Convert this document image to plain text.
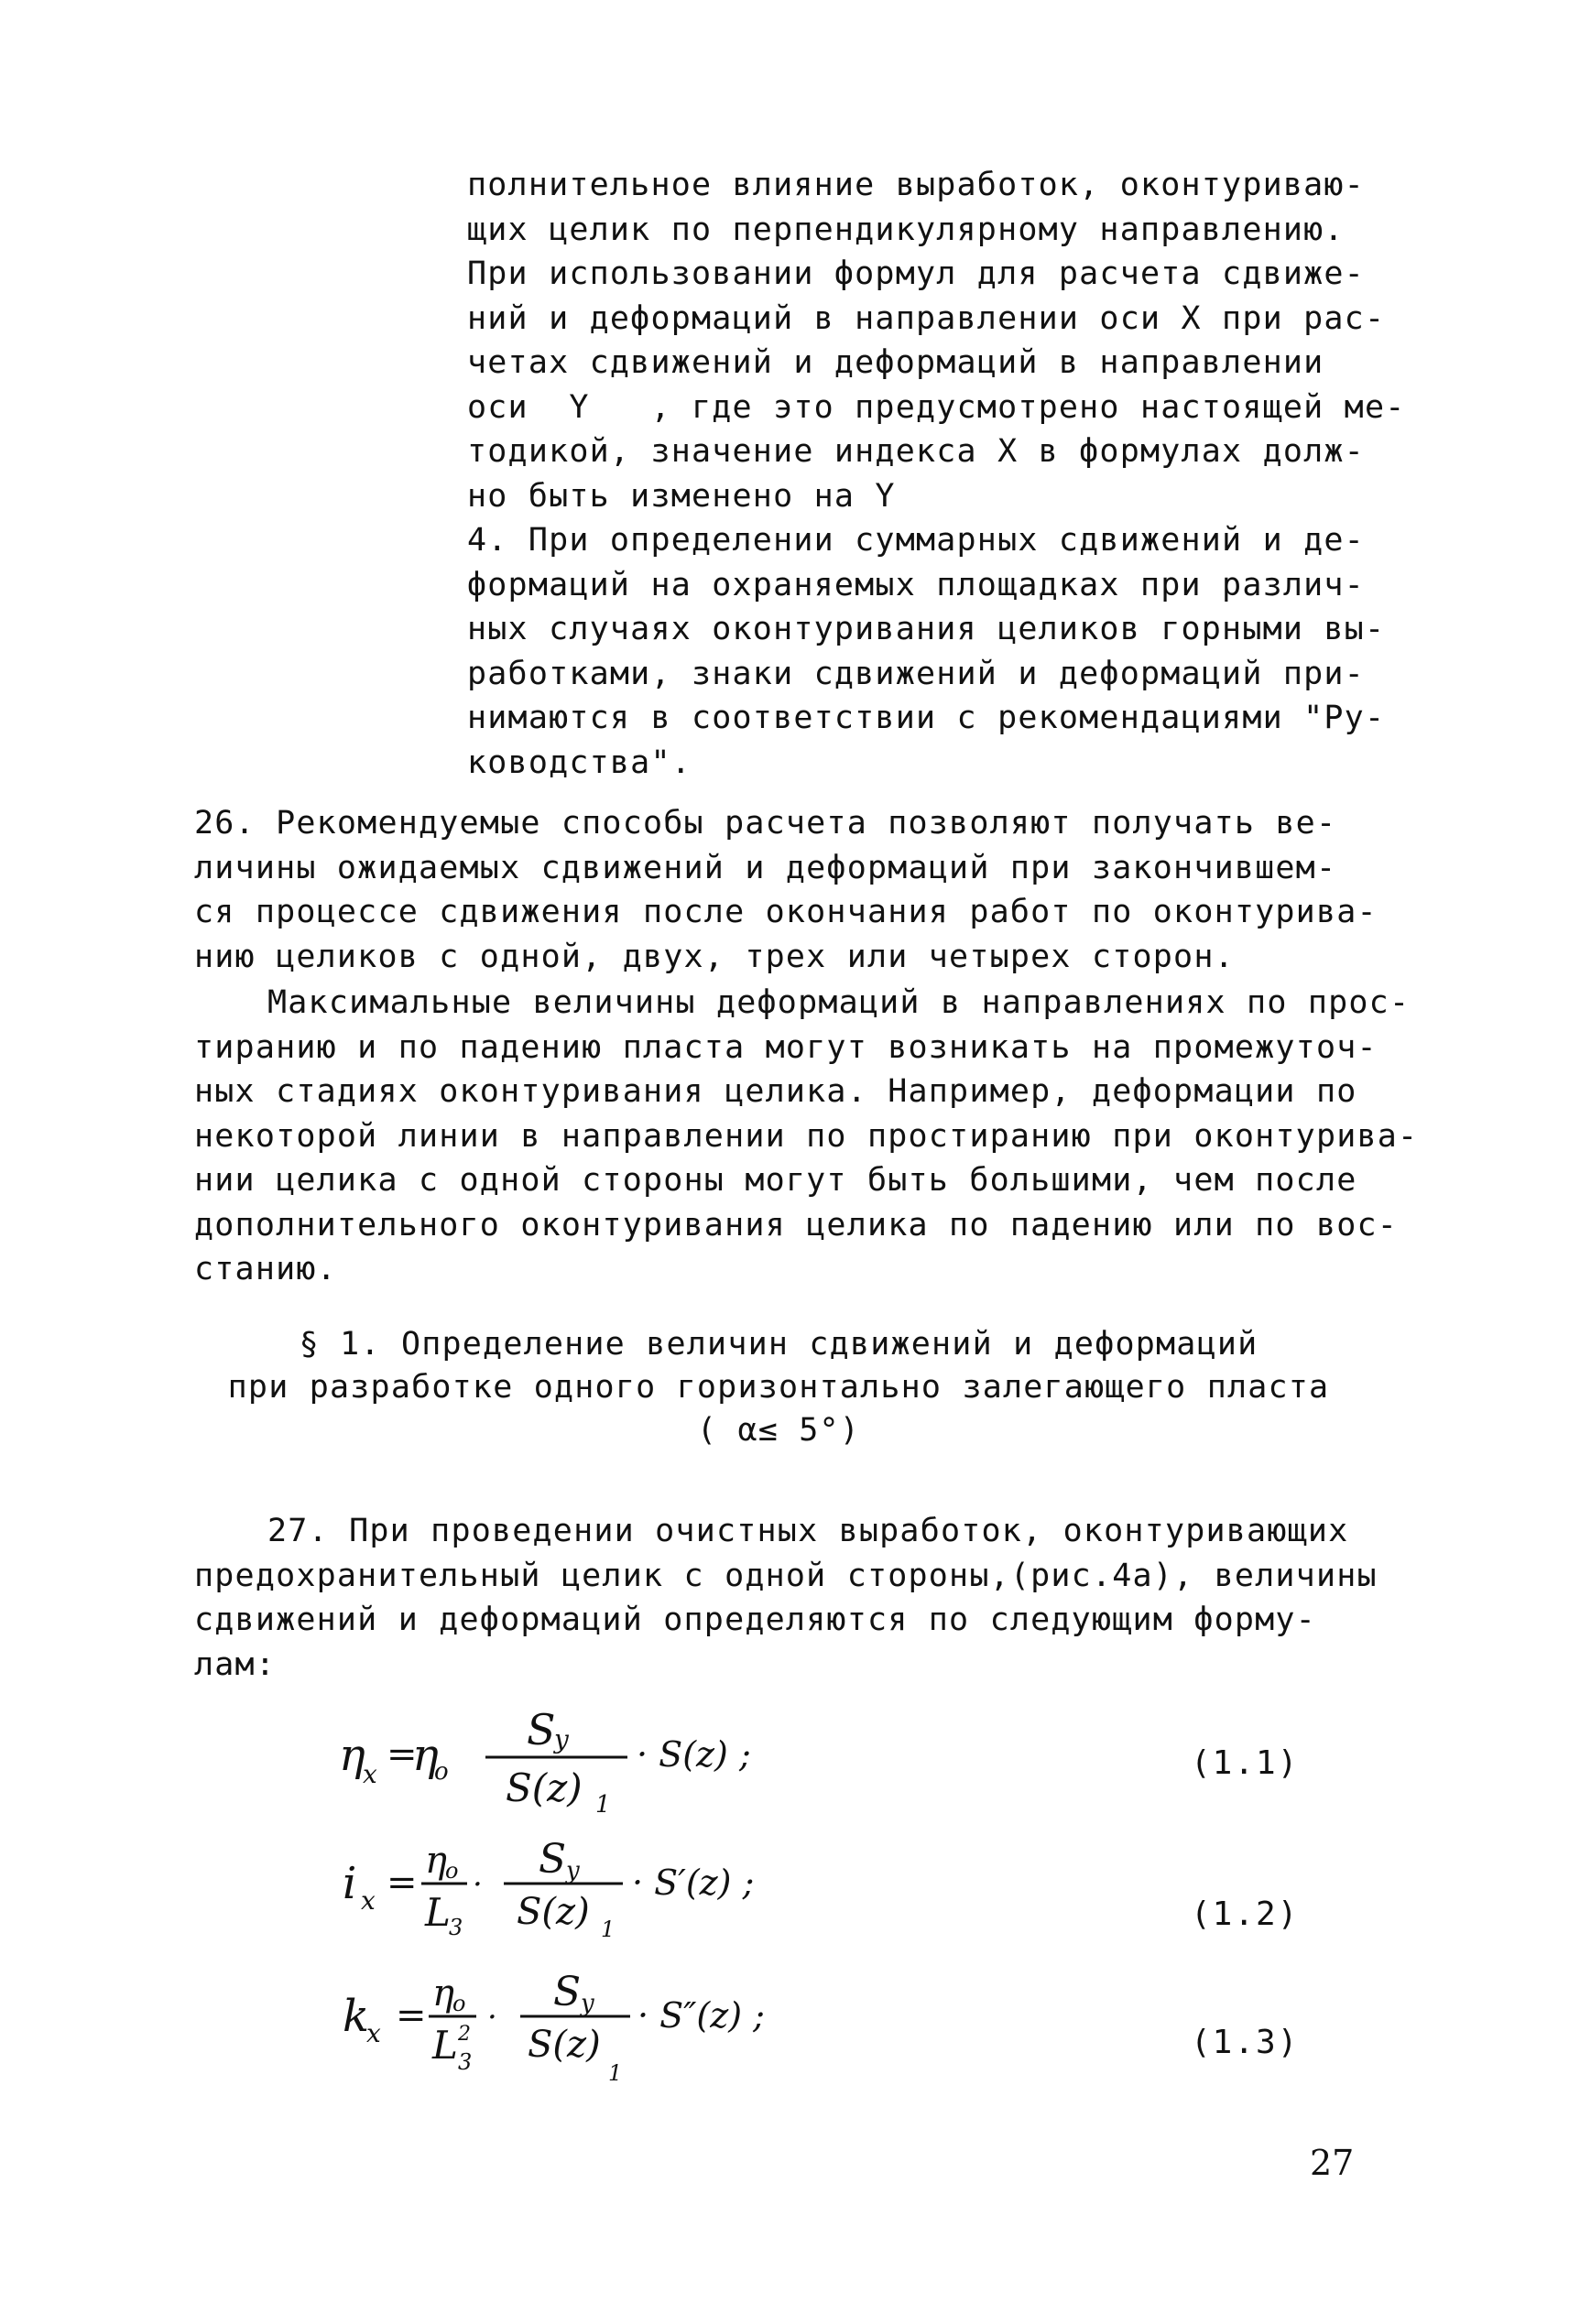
полнительное влияние выработок, оконтуриваю-
щих целик по перпендикулярному направлению.
При использовании формул для расчета сдвиже-
ний и деформаций в направлении оси X при рас-
четах сдвижений и деформаций в направлении
оси  Y   , где это предусмотрено настоящей ме-
тодикой, значение индекса X в формулах долж-
но быть изменено на Y
4. При определении суммарных сдвижений и де-
формаций на охраняемых площадках при различ-
ных случаях оконтуривания целиков горными вы-
работками, знаки сдвижений и деформаций при-
нимаются в соответствии с рекомендациями "Ру-
ководства".
26. Рекомендуемые способы расчета позволяют получать ве-
личины ожидаемых сдвижений и деформаций при закончившем-
ся процессе сдвижения после окончания работ по оконтурива-
нию целиков с одной, двух, трех или четырех сторон.
Максимальные величины деформаций в направлениях по прос-
тиранию и по падению пласта могут возникать на промежуточ-
ных стадиях оконтуривания целика. Например, деформации по
некоторой линии в направлении по простиранию при оконтурива-
нии целика с одной стороны могут быть большими, чем после
дополнительного оконтуривания целика по падению или по вос-
станию.
§ 1. Определение величин сдвижений и деформаций
при разработке одного горизонтально залегающего пласта
( α≤ 5°)
27. При проведении очистных выработок, оконтуривающих
предохранительный целик с одной стороны,(рис.4а), величины
сдвижений и деформаций определяются по следующим форму-
лам:
η
x =
η
o
S
y
S(z) 1
· S(z) ;	(1.1)
i x =
η
o
L
3
·
S y
S(z) 1
· S′(z) ;
(1.2)
k
x =
η
o
L 2
3
·
S y
S(z)
1
· S″(z) ;
(1.3)
27
